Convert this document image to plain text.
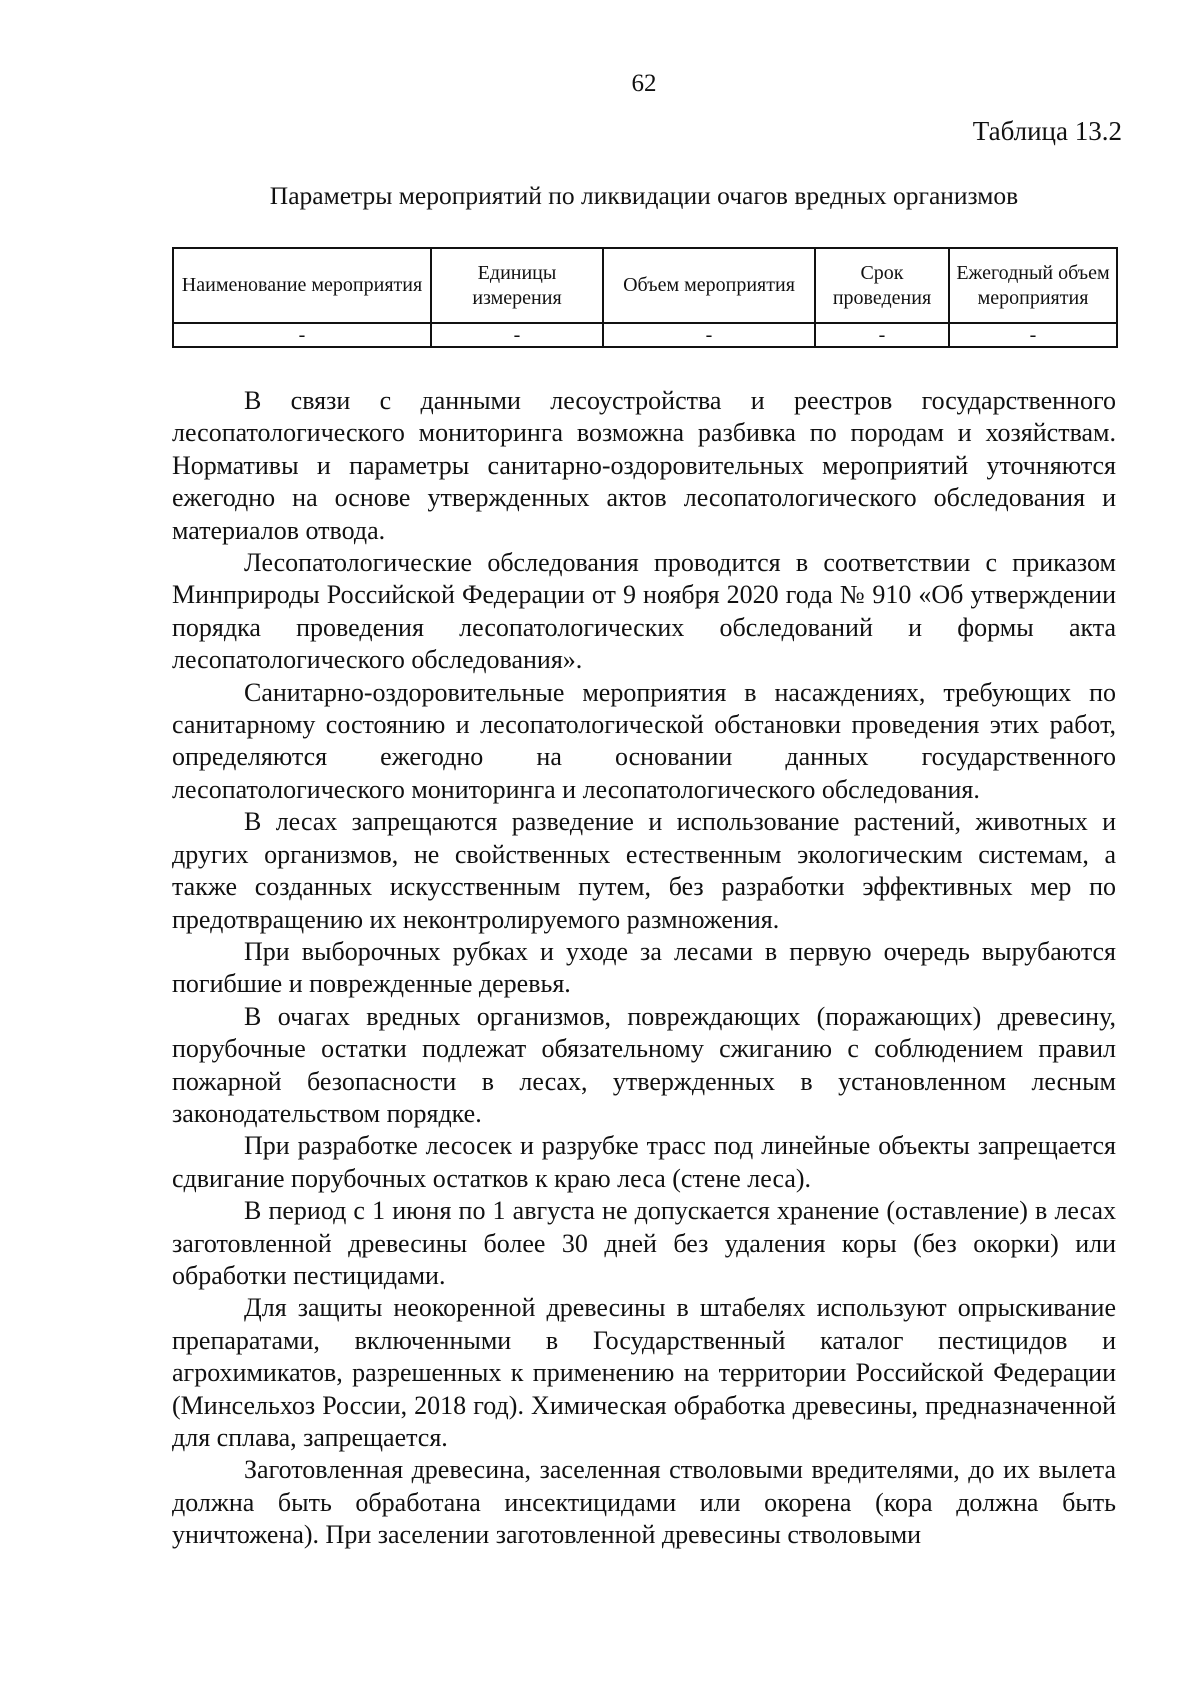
62
Таблица 13.2
Параметры мероприятий по ликвидации очагов вредных организмов
Наименование мероприятия	Единицы измерения	Объем мероприятия	Срок проведения	Ежегодный объем мероприятия
-	-	-	-	-

В связи с данными лесоустройства и реестров государственного лесопатологического мониторинга возможна разбивка по породам и хозяйствам. Нормативы и параметры санитарно-оздоровительных мероприятий уточняются ежегодно на основе утвержденных актов лесопатологического обследования и материалов отвода.

Лесопатологические обследования проводится в соответствии с приказом Минприроды Российской Федерации от 9 ноября 2020 года № 910 «Об утверждении порядка проведения лесопатологических обследований и формы акта лесопатологического обследования».

Санитарно-оздоровительные мероприятия в насаждениях, требующих по санитарному состоянию и лесопатологической обстановки проведения этих работ, определяются ежегодно на основании данных государственного лесопатологического мониторинга и лесопатологического обследования.

В лесах запрещаются разведение и использование растений, животных и других организмов, не свойственных естественным экологическим системам, а также созданных искусственным путем, без разработки эффективных мер по предотвращению их неконтролируемого размножения.

При выборочных рубках и уходе за лесами в первую очередь вырубаются погибшие и поврежденные деревья.

В очагах вредных организмов, повреждающих (поражающих) древесину, порубочные остатки подлежат обязательному сжиганию с соблюдением правил пожарной безопасности в лесах, утвержденных в установленном лесным законодательством порядке.

При разработке лесосек и разрубке трасс под линейные объекты запрещается сдвигание порубочных остатков к краю леса (стене леса).

В период с 1 июня по 1 августа не допускается хранение (оставление) в лесах заготовленной древесины более 30 дней без удаления коры (без окорки) или обработки пестицидами.

Для защиты неокоренной древесины в штабелях используют опрыскивание препаратами, включенными в Государственный каталог пестицидов и агрохимикатов, разрешенных к применению на территории Российской Федерации (Минсельхоз России, 2018 год). Химическая обработка древесины, предназначенной для сплава, запрещается.

Заготовленная древесина, заселенная стволовыми вредителями, до их вылета должна быть обработана инсектицидами или окорена (кора должна быть уничтожена). При заселении заготовленной древесины стволовыми
